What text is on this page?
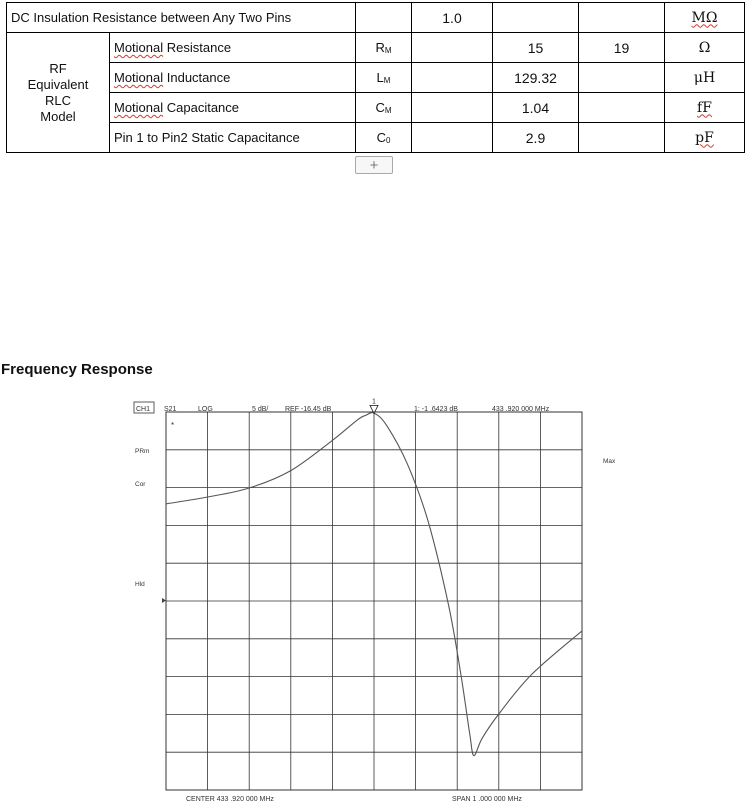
DC Insulation Resistance between Any Two Pins			1.0			MΩ

RF
Equivalent
RLC
Model	Motional Resistance	$R_M$		15	19	Ω
	Motional Inductance	$L_M$		129.32		μH
	Motional Capacitance	$C_M$		1.04		fF
	Pin 1 to Pin2 Static Capacitance	$C_0$		2.9		pF
+
Frequency Response
CH1 S21	LOG	5 dB/ REF -16.45 dB	1: -1 .6423 dB	433 .920 000 MHz
*
PRm
Cor
Hld
Max
1
CENTER 433 .920 000 MHz	SPAN 1 .000 000 MHz
